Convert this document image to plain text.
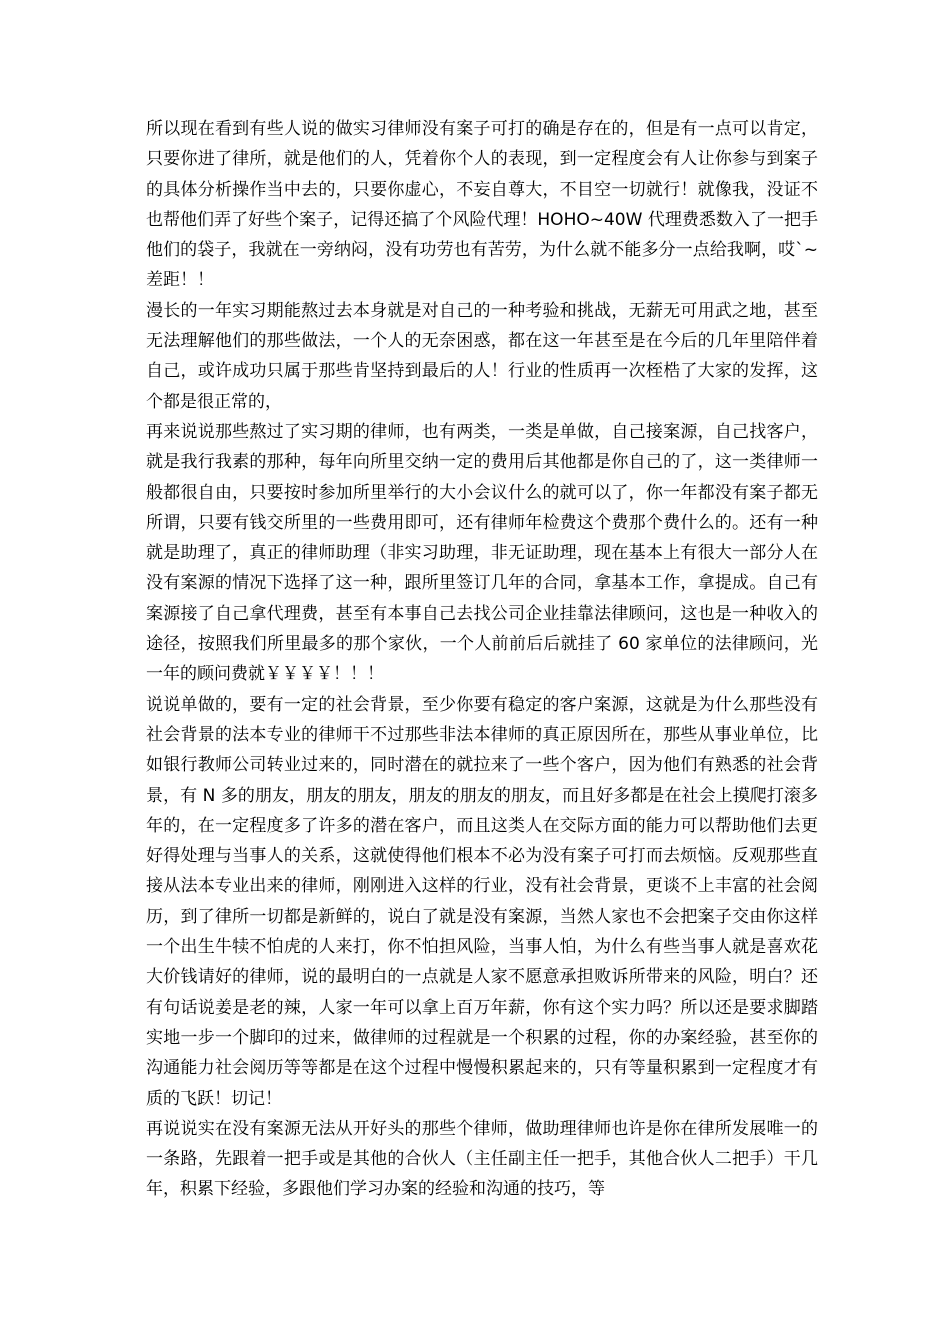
所以现在看到有些人说的做实习律师没有案子可打的确是存在的，但是有一点可以肯定，只要你进了律所，就是他们的人，凭着你个人的表现，到一定程度会有人让你参与到案子的具体分析操作当中去的，只要你虚心，不妄自尊大，不目空一切就行！就像我，没证不也帮他们弄了好些个案子，记得还搞了个风险代理！HOHO~40W 代理费悉数入了一把手他们的袋子，我就在一旁纳闷，没有功劳也有苦劳，为什么就不能多分一点给我啊，哎`~差距！！

漫长的一年实习期能熬过去本身就是对自己的一种考验和挑战，无薪无可用武之地，甚至无法理解他们的那些做法，一个人的无奈困惑，都在这一年甚至是在今后的几年里陪伴着自己，或许成功只属于那些肯坚持到最后的人！行业的性质再一次桎梏了大家的发挥，这个都是很正常的，

再来说说那些熬过了实习期的律师，也有两类，一类是单做，自己接案源，自己找客户，就是我行我素的那种，每年向所里交纳一定的费用后其他都是你自己的了，这一类律师一般都很自由，只要按时参加所里举行的大小会议什么的就可以了，你一年都没有案子都无所谓，只要有钱交所里的一些费用即可，还有律师年检费这个费那个费什么的。还有一种就是助理了，真正的律师助理（非实习助理，非无证助理，现在基本上有很大一部分人在没有案源的情况下选择了这一种，跟所里签订几年的合同，拿基本工作，拿提成。自己有案源接了自己拿代理费，甚至有本事自己去找公司企业挂靠法律顾问，这也是一种收入的途径，按照我们所里最多的那个家伙，一个人前前后后就挂了 60 家单位的法律顾问，光一年的顾问费就￥￥￥￥！！！

说说单做的，要有一定的社会背景，至少你要有稳定的客户案源，这就是为什么那些没有社会背景的法本专业的律师干不过那些非法本律师的真正原因所在，那些从事业单位，比如银行教师公司转业过来的，同时潜在的就拉来了一些个客户，因为他们有熟悉的社会背景，有 N 多的朋友，朋友的朋友，朋友的朋友的朋友，而且好多都是在社会上摸爬打滚多年的，在一定程度多了许多的潜在客户，而且这类人在交际方面的能力可以帮助他们去更好得处理与当事人的关系，这就使得他们根本不必为没有案子可打而去烦恼。反观那些直接从法本专业出来的律师，刚刚进入这样的行业，没有社会背景，更谈不上丰富的社会阅历，到了律所一切都是新鲜的，说白了就是没有案源，当然人家也不会把案子交由你这样一个出生牛犊不怕虎的人来打，你不怕担风险，当事人怕，为什么有些当事人就是喜欢花大价钱请好的律师，说的最明白的一点就是人家不愿意承担败诉所带来的风险，明白？还有句话说姜是老的辣，人家一年可以拿上百万年薪，你有这个实力吗？所以还是要求脚踏实地一步一个脚印的过来，做律师的过程就是一个积累的过程，你的办案经验，甚至你的沟通能力社会阅历等等都是在这个过程中慢慢积累起来的，只有等量积累到一定程度才有质的飞跃！切记！

再说说实在没有案源无法从开好头的那些个律师，做助理律师也许是你在律所发展唯一的一条路，先跟着一把手或是其他的合伙人（主任副主任一把手，其他合伙人二把手）干几年，积累下经验，多跟他们学习办案的经验和沟通的技巧，等
